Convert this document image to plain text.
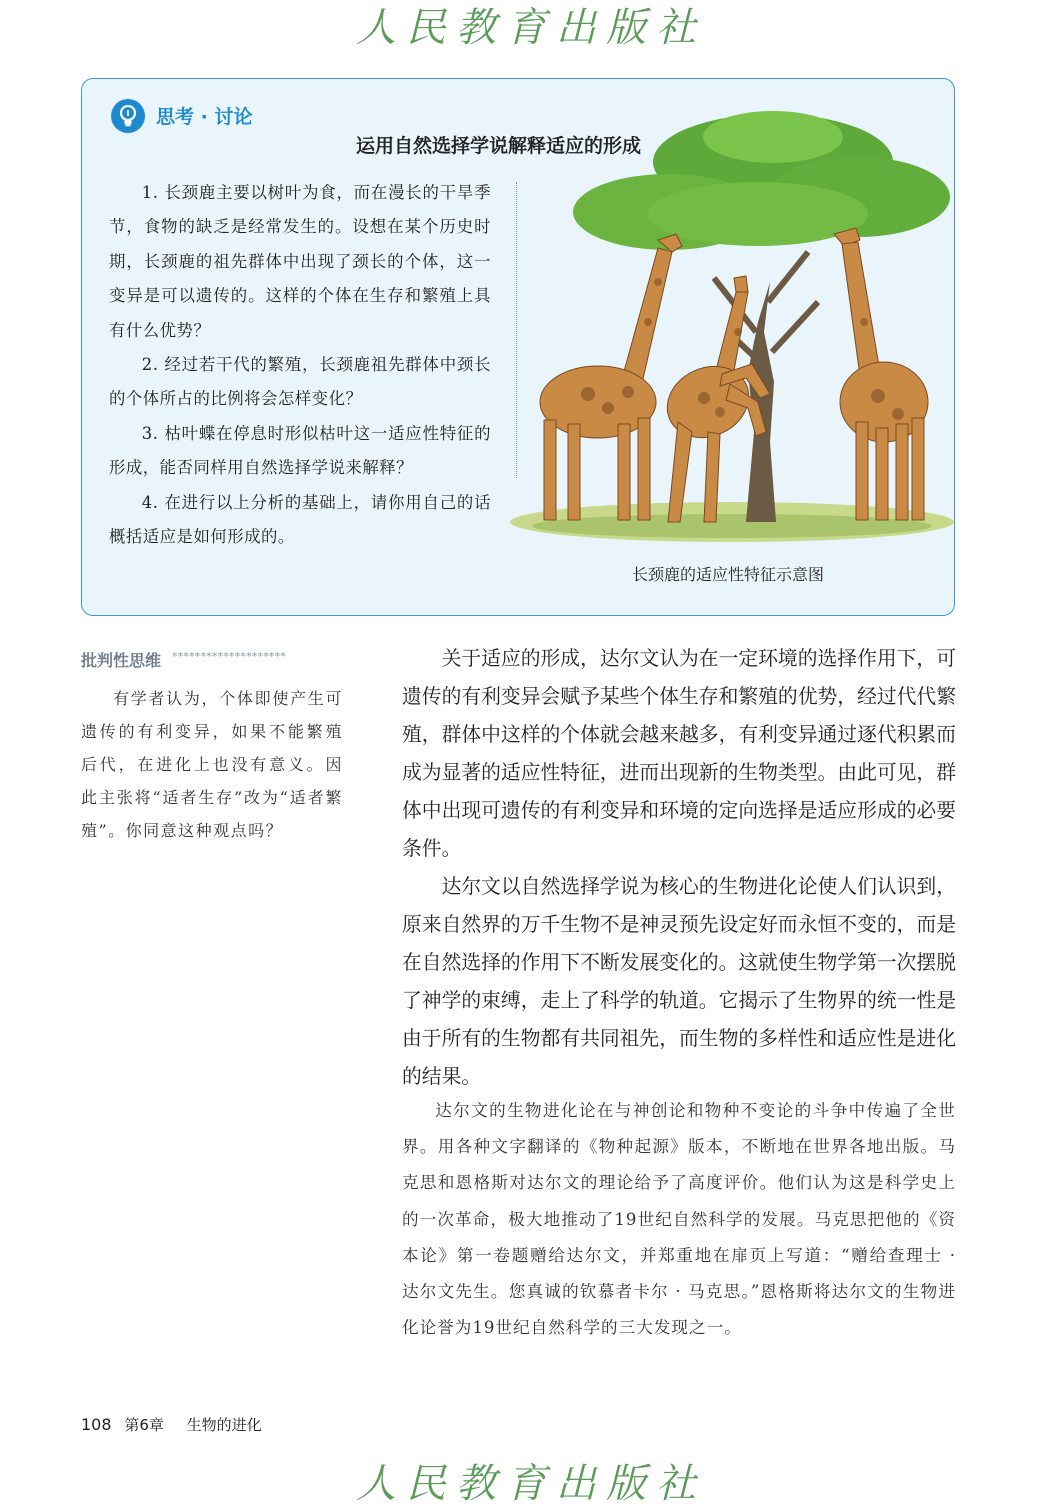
人民教育出版社
思考 · 讨论
运用自然选择学说解释适应的形成

1. 长颈鹿主要以树叶为食，而在漫长的干旱季节，食物的缺乏是经常发生的。设想在某个历史时期，长颈鹿的祖先群体中出现了颈长的个体，这一变异是可以遗传的。这样的个体在生存和繁殖上具有什么优势？

2. 经过若干代的繁殖，长颈鹿祖先群体中颈长的个体所占的比例将会怎样变化？

3. 枯叶蝶在停息时形似枯叶这一适应性特征的形成，能否同样用自然选择学说来解释？

4. 在进行以上分析的基础上，请你用自己的话概括适应是如何形成的。

长颈鹿的适应性特征示意图
批判性思维 ********************
有学者认为，个体即使产生可遗传的有利变异，如果不能繁殖后代，在进化上也没有意义。因此主张将“适者生存”改为“适者繁殖”。你同意这种观点吗？

关于适应的形成，达尔文认为在一定环境的选择作用下，可遗传的有利变异会赋予某些个体生存和繁殖的优势，经过代代繁殖，群体中这样的个体就会越来越多，有利变异通过逐代积累而成为显著的适应性特征，进而出现新的生物类型。由此可见，群体中出现可遗传的有利变异和环境的定向选择是适应形成的必要条件。

达尔文以自然选择学说为核心的生物进化论使人们认识到，原来自然界的万千生物不是神灵预先设定好而永恒不变的，而是在自然选择的作用下不断发展变化的。这就使生物学第一次摆脱了神学的束缚，走上了科学的轨道。它揭示了生物界的统一性是由于所有的生物都有共同祖先，而生物的多样性和适应性是进化的结果。

达尔文的生物进化论在与神创论和物种不变论的斗争中传遍了全世界。用各种文字翻译的《物种起源》版本，不断地在世界各地出版。马克思和恩格斯对达尔文的理论给予了高度评价。他们认为这是科学史上的一次革命，极大地推动了19世纪自然科学的发展。马克思把他的《资本论》第一卷题赠给达尔文，并郑重地在扉页上写道：“赠给查理士 · 达尔文先生。您真诚的钦慕者卡尔 · 马克思。”恩格斯将达尔文的生物进化论誉为19世纪自然科学的三大发现之一。

108 第6章 生物的进化
人民教育出版社
